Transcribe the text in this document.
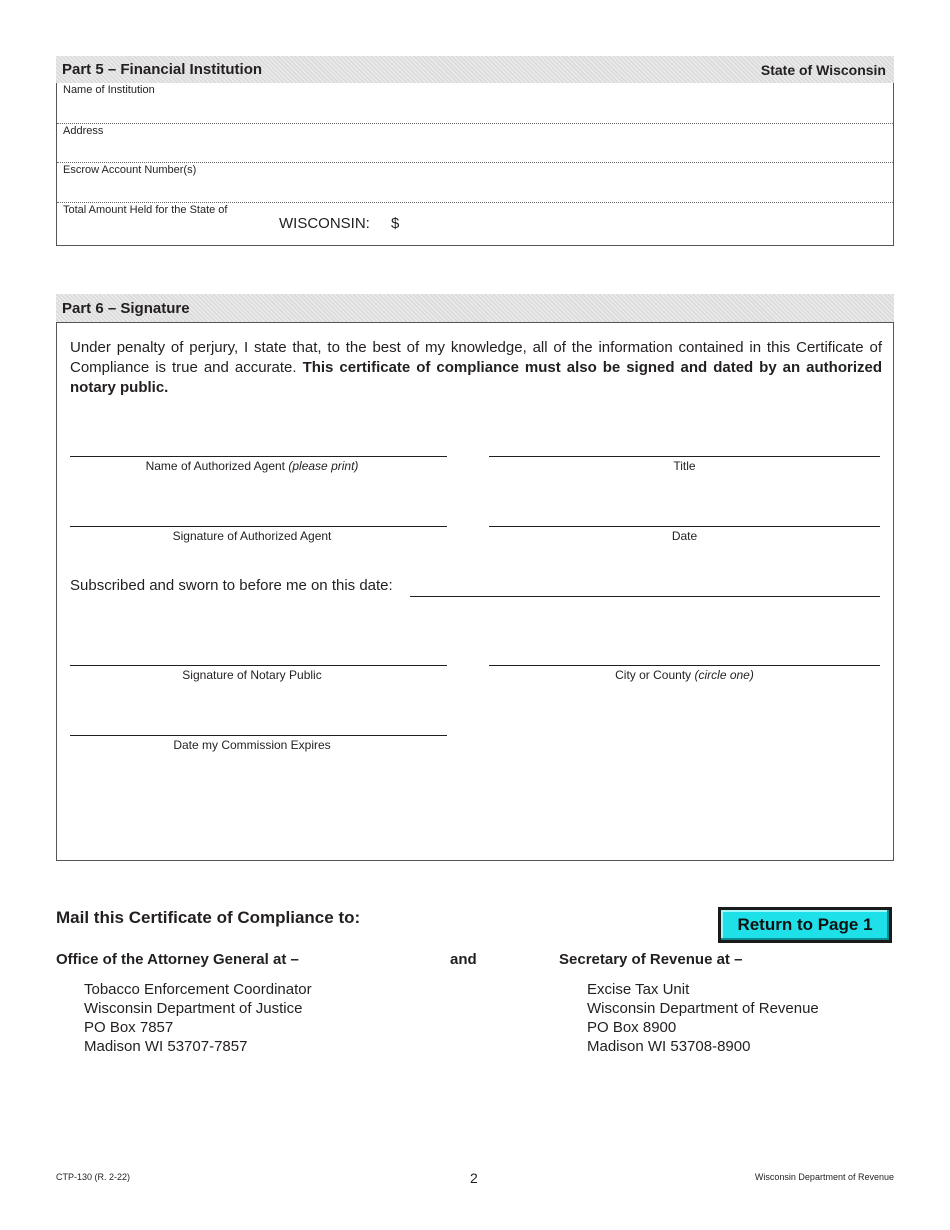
Part 5 – Financial Institution	State of Wisconsin
Name of Institution
Address
Escrow Account Number(s)
Total Amount Held for the State of
WISCONSIN: $
Part 6 – Signature
Under penalty of perjury, I state that, to the best of my knowledge, all of the information contained in this Certificate of Compliance is true and accurate. This certificate of compliance must also be signed and dated by an authorized notary public.
Name of Authorized Agent (please print)	Title
Signature of Authorized Agent	Date
Subscribed and sworn to before me on this date:
Signature of Notary Public	City or County (circle one)
Date my Commission Expires
Mail this Certificate of Compliance to:	Return to Page 1
Office of the Attorney General at –	and	Secretary of Revenue at –
Tobacco Enforcement Coordinator
Wisconsin Department of Justice
PO Box 7857
Madison WI 53707-7857
Excise Tax Unit
Wisconsin Department of Revenue
PO Box 8900
Madison WI 53708-8900
CTP-130 (R. 2-22)	2	Wisconsin Department of Revenue
